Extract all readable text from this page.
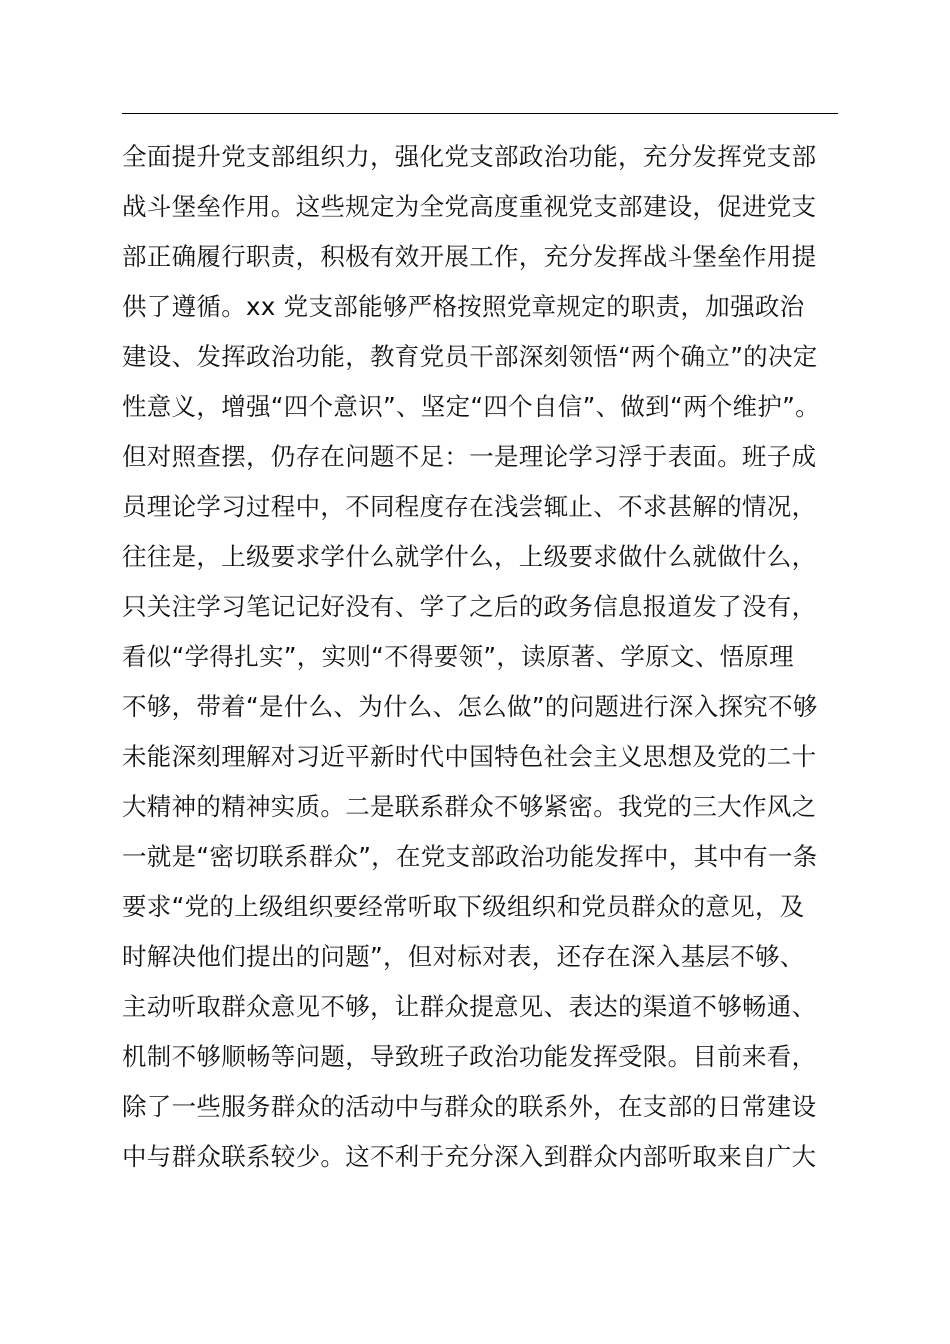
全面提升党支部组织力，强化党支部政治功能，充分发挥党支部
战斗堡垒作用。这些规定为全党高度重视党支部建设，促进党支
部正确履行职责，积极有效开展工作，充分发挥战斗堡垒作用提
供了遵循。xx 党支部能够严格按照党章规定的职责，加强政治
建设、发挥政治功能，教育党员干部深刻领悟“两个确立”的决定
性意义，增强“四个意识”、坚定“四个自信”、做到“两个维护”。
但对照查摆，仍存在问题不足：一是理论学习浮于表面。班子成
员理论学习过程中，不同程度存在浅尝辄止、不求甚解的情况，
往往是，上级要求学什么就学什么，上级要求做什么就做什么，
只关注学习笔记记好没有、学了之后的政务信息报道发了没有，
看似“学得扎实”，实则“不得要领”，读原著、学原文、悟原理
不够，带着“是什么、为什么、怎么做”的问题进行深入探究不够
未能深刻理解对习近平新时代中国特色社会主义思想及党的二十
大精神的精神实质。二是联系群众不够紧密。我党的三大作风之
一就是“密切联系群众”，在党支部政治功能发挥中，其中有一条
要求“党的上级组织要经常听取下级组织和党员群众的意见，及
时解决他们提出的问题”，但对标对表，还存在深入基层不够、
主动听取群众意见不够，让群众提意见、表达的渠道不够畅通、
机制不够顺畅等问题，导致班子政治功能发挥受限。目前来看，
除了一些服务群众的活动中与群众的联系外，在支部的日常建设
中与群众联系较少。这不利于充分深入到群众内部听取来自广大
